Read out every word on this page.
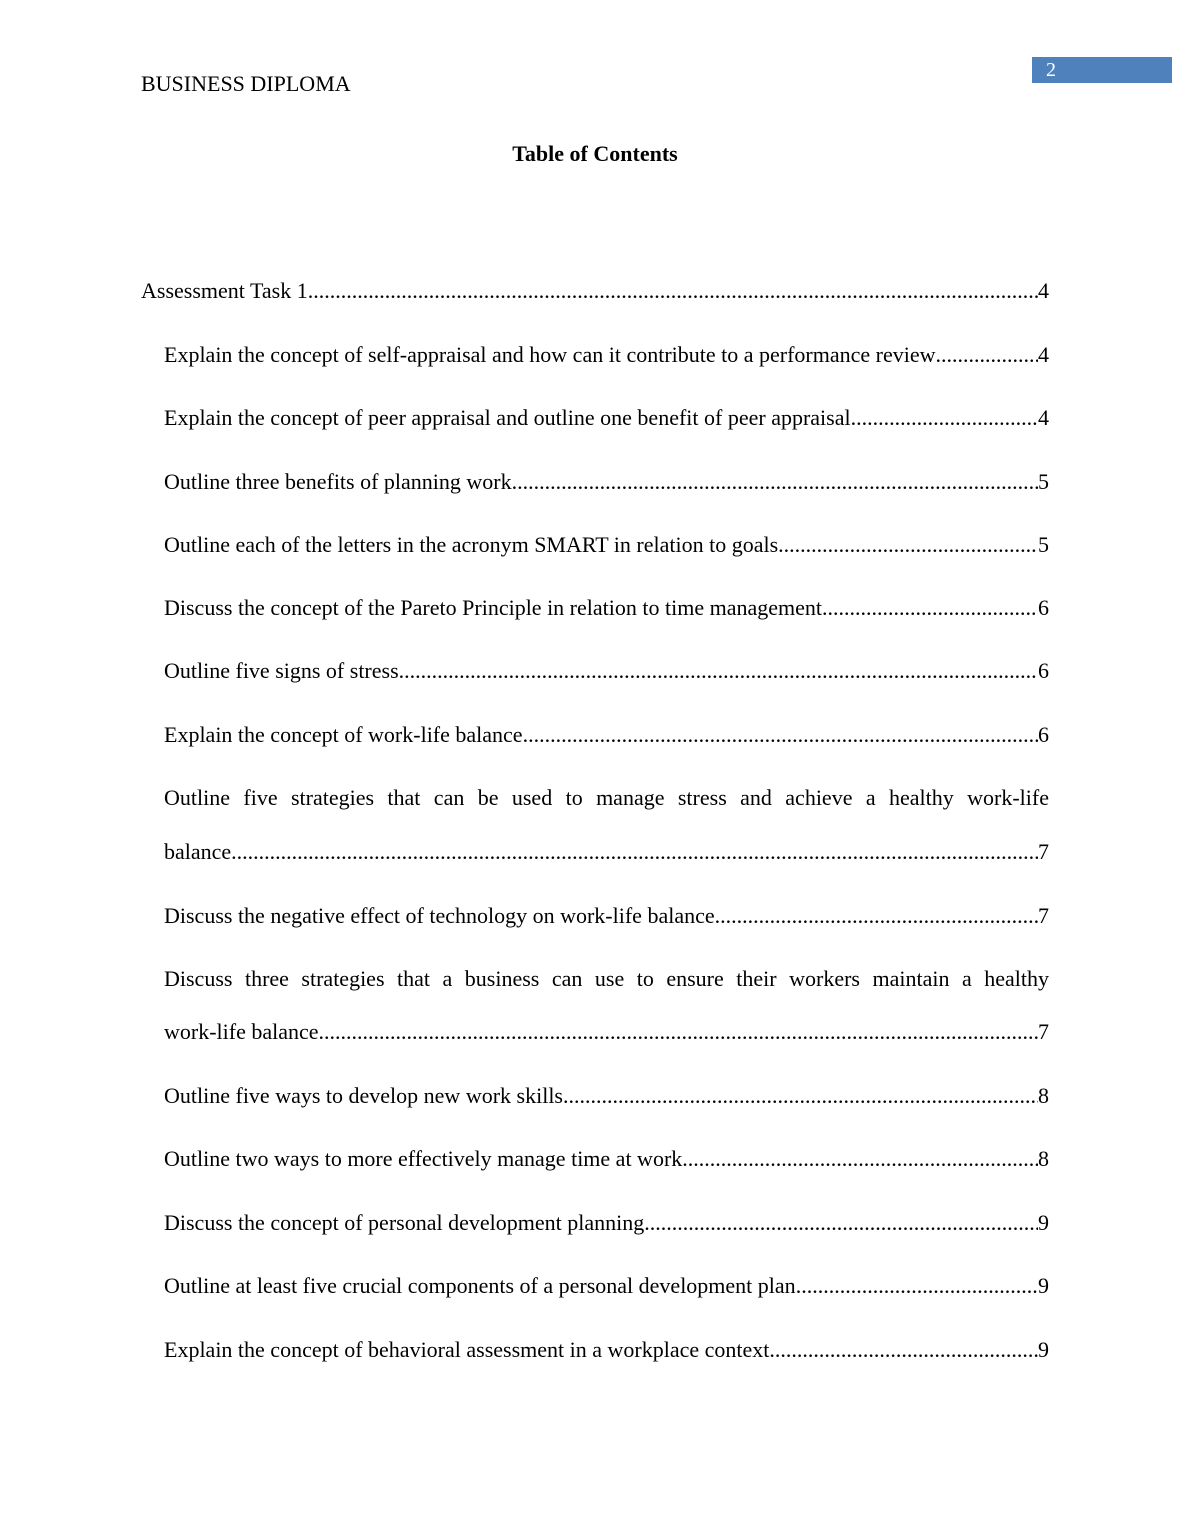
2
BUSINESS DIPLOMA
Table of Contents
Assessment Task 1 .....	4
Explain the concept of self-appraisal and how can it contribute to a performance review .....	4
Explain the concept of peer appraisal and outline one benefit of peer appraisal .....	4
Outline three benefits of planning work .....	5
Outline each of the letters in the acronym SMART in relation to goals .....	5
Discuss the concept of the Pareto Principle in relation to time management .....	6
Outline five signs of stress .....	6
Explain the concept of work-life balance .....	6
Outline five strategies that can be used to manage stress and achieve a healthy work-life
balance .....	7
Discuss the negative effect of technology on work-life balance .....	7
Discuss three strategies that a business can use to ensure their workers maintain a healthy
work-life balance .....	7
Outline five ways to develop new work skills .....	8
Outline two ways to more effectively manage time at work .....	8
Discuss the concept of personal development planning .....	9
Outline at least five crucial components of a personal development plan .....	9
Explain the concept of behavioral assessment in a workplace context .....	9
